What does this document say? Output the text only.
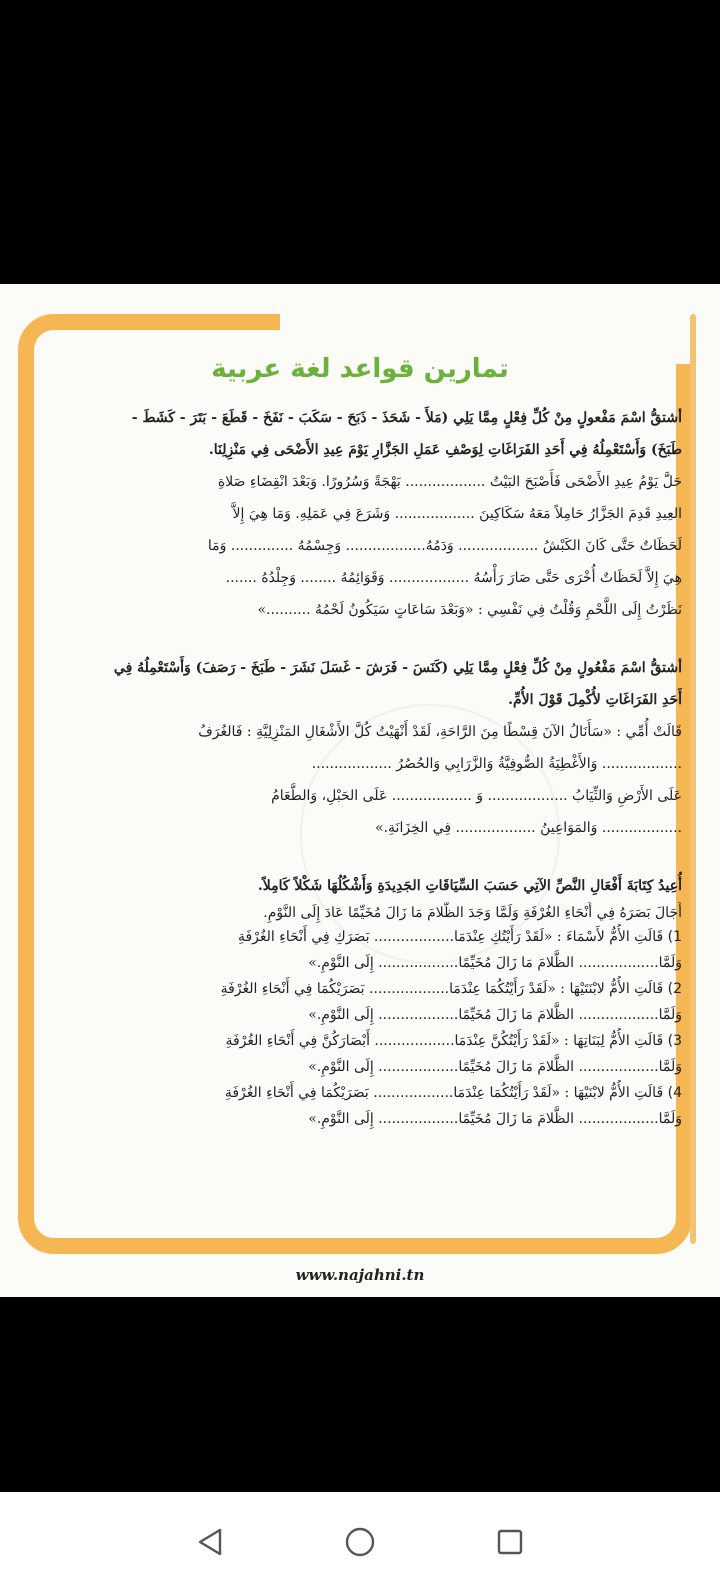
تمارين قواعد لغة عربية
أشتقُّ اسْمَ مَفْعولٍ مِنْ كُلِّ فِعْلٍ مِمَّا يَلِي (مَلأَ - شَحَذَ - ذَبَحَ - سَكَبَ - نَفَخَ - قَطَعَ - بَتَرَ - كَشَطَ -
طَبَخَ) وَأَسْتَعْمِلُهُ فِي أَحَدِ الفَرَاغَاتِ لِوَصْفِ عَمَلِ الجَزَّارِ يَوْمَ عِيدِ الأَضْحَى فِي مَنْزِلِنَا.
حَلَّ يَوْمُ عِيدِ الأَضْحَى فَأَصْبَحَ البَيْتُ .................. بَهْجَةً وَسُرُورًا. وَبَعْدَ انْقِضَاءِ صَلاةِ
العِيدِ قَدِمَ الجَزَّارُ حَامِلاً مَعَهُ سَكَاكِينَ .................. وَشَرَعَ فِي عَمَلِهِ. وَمَا هِيَ إِلاَّ
لَحَظَاتٌ حَتَّى كَانَ الكَبْشُ .................. وَدَمُهُ.................. وَجِسْمُهُ .............. وَمَا
هِيَ إِلاَّ لَحَظَاتٌ أُخْرَى حَتَّى صَارَ رَأْسُهُ .................. وَقَوَائِمُهُ ........ وَجِلْدُهُ .......
نَظَرْتُ إِلَى اللَّحْمِ وَقُلْتُ فِي نَفْسِي : «وَبَعْدَ سَاعَاتٍ سَيَكُونُ لَحْمُهُ ..........»
أشتقُّ اسْمَ مَفْعُولٍ مِنْ كُلِّ فِعْلٍ مِمَّا يَلِي (كَنَسَ - فَرَشَ - غَسَلَ نَشَرَ - طَبَخَ - رَصَفَ) وَأَسْتَعْمِلُهُ فِي
أَحَدِ الفَرَاغَاتِ لأُكْمِلَ قَوْلَ الأُمِّ.
قَالَتْ أُمِّي : «سَأَنَالُ الآنَ قِسْطًا مِنَ الرَّاحَةِ، لَقَدْ أَنْهَيْتُ كُلَّ الأَشْغَالِ المَنْزِلِيَّةِ : فَالغُرَفُ
.................. وَالأَغْطِيَةُ الصُّوفِيَّةُ وَالزَّرَابِي وَالحُصُرُ ..................
عَلَى الأَرْضِ وَالثِّيَابُ .................. وَ .................. عَلَى الحَبْلِ، وَالطَّعَامُ
.................. وَالمَوَاعِينُ .................. فِي الخِزَانَةِ.»
أُعِيدُ كِتَابَةَ أَفْعَالِ النَّصِّ الآتِي حَسَبَ السِّيَاقَاتِ الجَدِيدَةِ وَأَشْكُلُهَا شَكْلاً كَامِلاً.
أَجَالَ بَصَرَهُ فِي أَنْحَاءِ الغُرْفَةِ وَلَمَّا وَجَدَ الظَّلامَ مَا زَالَ مُخَيِّمًا عَادَ إِلَى النَّوْمِ.
1) قَالَتِ الأُمُّ لأَسْمَاءَ : «لَقَدْ رَأَيْتُكِ عِنْدَمَا.................. بَصَرَكِ فِي أَنْحَاءِ الغُرْفَةِ
وَلَمَّا.................. الظَّلامَ مَا زَالَ مُخَيِّمًا.................. إِلَى النَّوْمِ.»
2) قَالَتِ الأُمُّ لابْنَتَيْهَا : «لَقَدْ رَأَيْتُكُمَا عِنْدَمَا.................. بَصَرَيْكُمَا فِي أَنْحَاءِ الغُرْفَةِ
وَلَمَّا.................. الظَّلامَ مَا زَالَ مُخَيِّمًا.................. إِلَى النَّوْمِ.»
3) قَالَتِ الأُمُّ لِبَنَاتِهَا : «لَقَدْ رَأَيْتُكُنَّ عِنْدَمَا.................. أَبْصَارَكُنَّ فِي أَنْحَاءِ الغُرْفَةِ
وَلَمَّا.................. الظَّلامَ مَا زَالَ مُخَيِّمًا.................. إِلَى النَّوْمِ.»
4) قَالَتِ الأُمُّ لابْنَيْهَا : «لَقَدْ رَأَيْتُكُمَا عِنْدَمَا.................. بَصَرَيْكُمَا فِي أَنْحَاءِ الغُرْفَةِ
وَلَمَّا.................. الظَّلامَ مَا زَالَ مُخَيِّمًا.................. إِلَى النَّوْمِ.»
www.najahni.tn
